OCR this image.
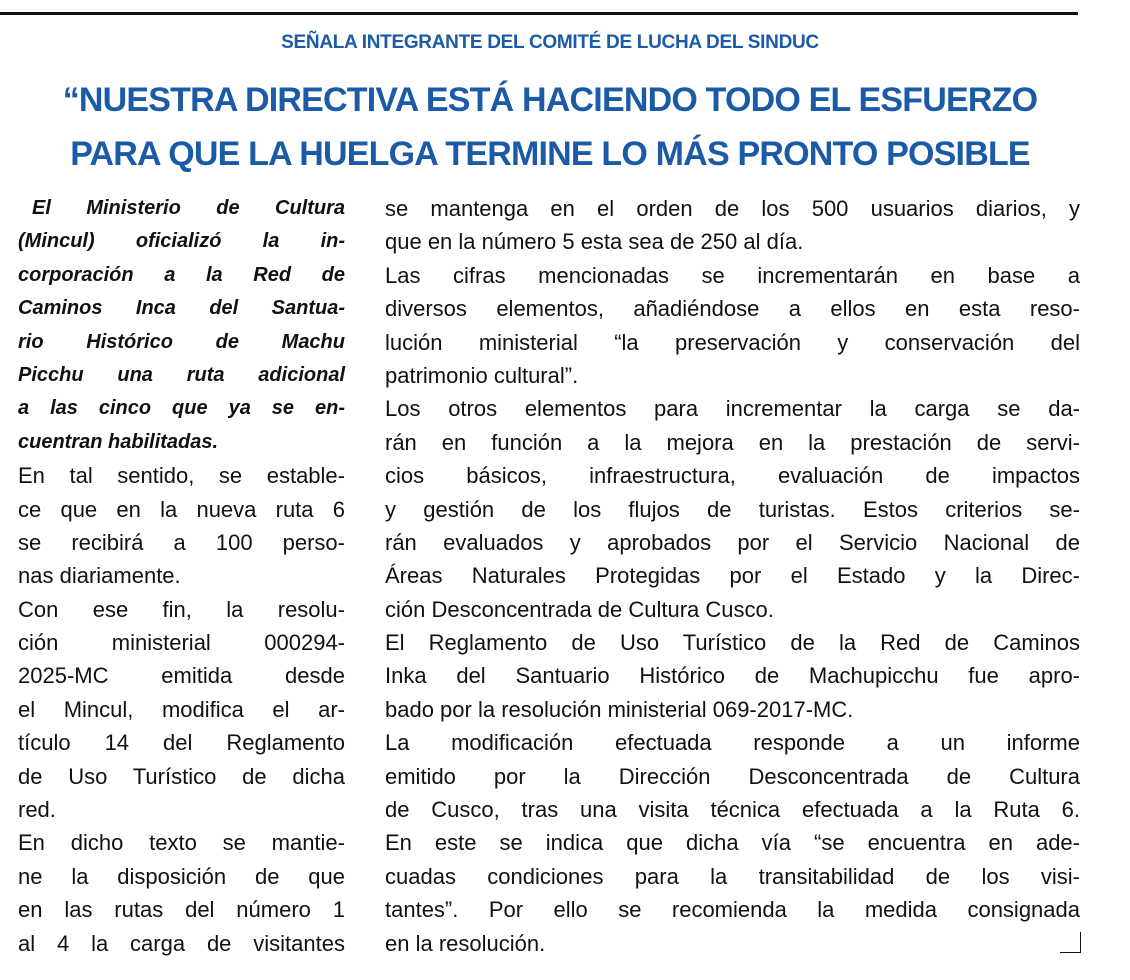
SEÑALA INTEGRANTE DEL COMITÉ DE LUCHA DEL SINDUC
“NUESTRA DIRECTIVA ESTÁ HACIENDO TODO EL ESFUERZO
PARA QUE LA HUELGA TERMINE LO MÁS PRONTO POSIBLE
El Ministerio de Cultura
(Mincul) oficializó la in-
corporación a la Red de
Caminos Inca del Santua-
rio Histórico de Machu
Picchu una ruta adicional
a las cinco que ya se en-
cuentran habilitadas.
En tal sentido, se estable-
ce que en la nueva ruta 6
se recibirá a 100 perso-
nas diariamente.
Con ese fin, la resolu-
ción ministerial 000294-
2025-MC emitida desde
el Mincul, modifica el ar-
tículo 14 del Reglamento
de Uso Turístico de dicha
red.
En dicho texto se mantie-
ne la disposición de que
en las rutas del número 1
al 4 la carga de visitantes
se mantenga en el orden de los 500 usuarios diarios, y
que en la número 5 esta sea de 250 al día.
Las cifras mencionadas se incrementarán en base a
diversos elementos, añadiéndose a ellos en esta reso-
lución ministerial “la preservación y conservación del
patrimonio cultural”.
Los otros elementos para incrementar la carga se da-
rán en función a la mejora en la prestación de servi-
cios básicos, infraestructura, evaluación de impactos
y gestión de los flujos de turistas. Estos criterios se-
rán evaluados y aprobados por el Servicio Nacional de
Áreas Naturales Protegidas por el Estado y la Direc-
ción Desconcentrada de Cultura Cusco.
El Reglamento de Uso Turístico de la Red de Caminos
Inka del Santuario Histórico de Machupicchu fue apro-
bado por la resolución ministerial 069-2017-MC.
La modificación efectuada responde a un informe
emitido por la Dirección Desconcentrada de Cultura
de Cusco, tras una visita técnica efectuada a la Ruta 6.
En este se indica que dicha vía “se encuentra en ade-
cuadas condiciones para la transitabilidad de los visi-
tantes”. Por ello se recomienda la medida consignada
en la resolución.
